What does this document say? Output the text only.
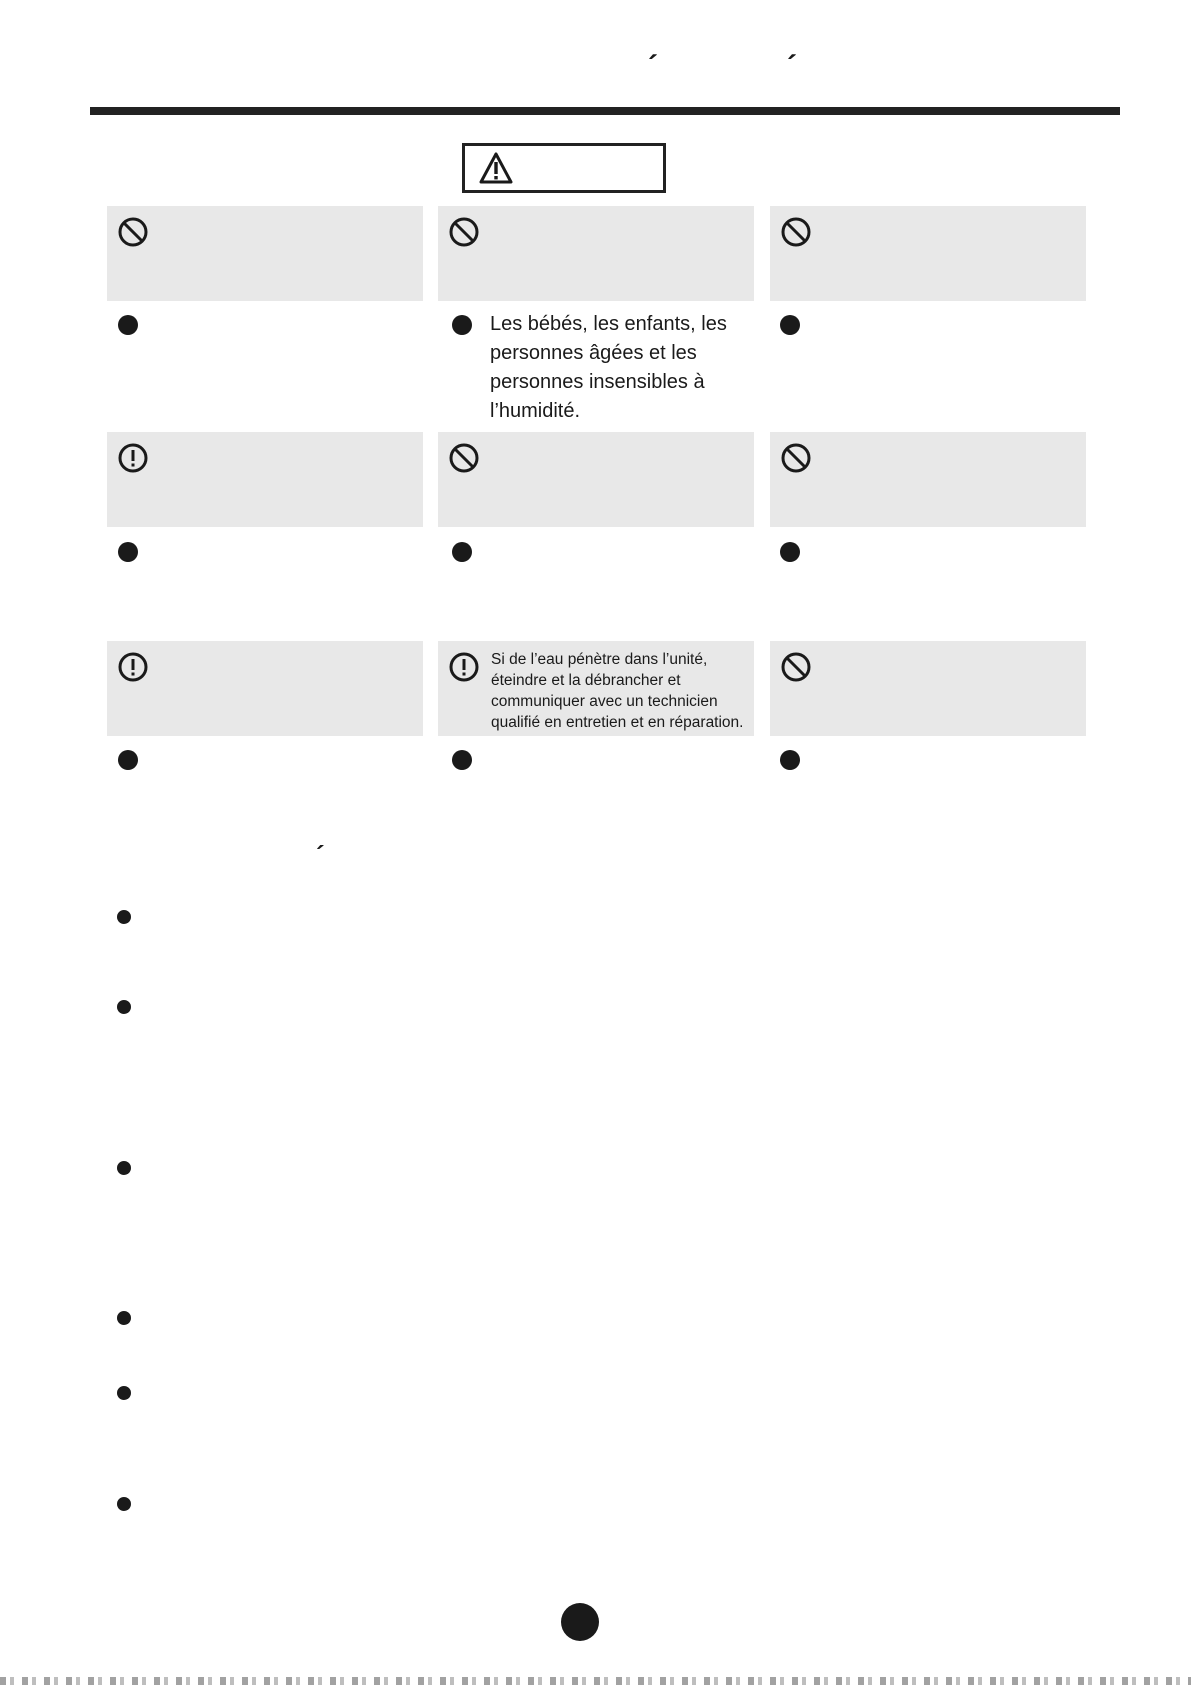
´	´
Les bébés, les enfants, les personnes âgées et les personnes insensibles à l’humidité.
Si de l’eau pénètre dans l’unité, éteindre et la débrancher et communiquer avec un technicien qualifié en entretien et en réparation.
´
